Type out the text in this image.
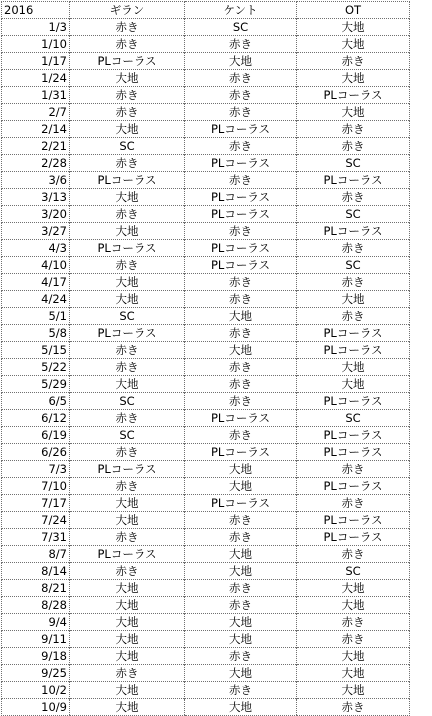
2016	ギラン	ケント	OT
1/3	赤き	SC	大地
1/10	赤き	赤き	大地
1/17	PLコーラス	大地	赤き
1/24	大地	赤き	大地
1/31	赤き	赤き	PLコーラス
2/7	赤き	赤き	大地
2/14	大地	PLコーラス	赤き
2/21	SC	赤き	赤き
2/28	赤き	PLコーラス	SC
3/6	PLコーラス	赤き	PLコーラス
3/13	大地	PLコーラス	赤き
3/20	赤き	PLコーラス	SC
3/27	大地	赤き	PLコーラス
4/3	PLコーラス	PLコーラス	赤き
4/10	赤き	PLコーラス	SC
4/17	大地	赤き	赤き
4/24	大地	赤き	大地
5/1	SC	大地	赤き
5/8	PLコーラス	赤き	PLコーラス
5/15	赤き	大地	PLコーラス
5/22	赤き	赤き	大地
5/29	大地	赤き	大地
6/5	SC	赤き	PLコーラス
6/12	赤き	PLコーラス	SC
6/19	SC	赤き	PLコーラス
6/26	赤き	PLコーラス	PLコーラス
7/3	PLコーラス	大地	赤き
7/10	赤き	大地	PLコーラス
7/17	大地	PLコーラス	赤き
7/24	大地	赤き	PLコーラス
7/31	赤き	赤き	PLコーラス
8/7	PLコーラス	大地	赤き
8/14	赤き	大地	SC
8/21	大地	赤き	大地
8/28	大地	赤き	大地
9/4	大地	大地	赤き
9/11	大地	大地	赤き
9/18	大地	赤き	大地
9/25	赤き	大地	大地
10/2	大地	赤き	大地
10/9	大地	大地	赤き
